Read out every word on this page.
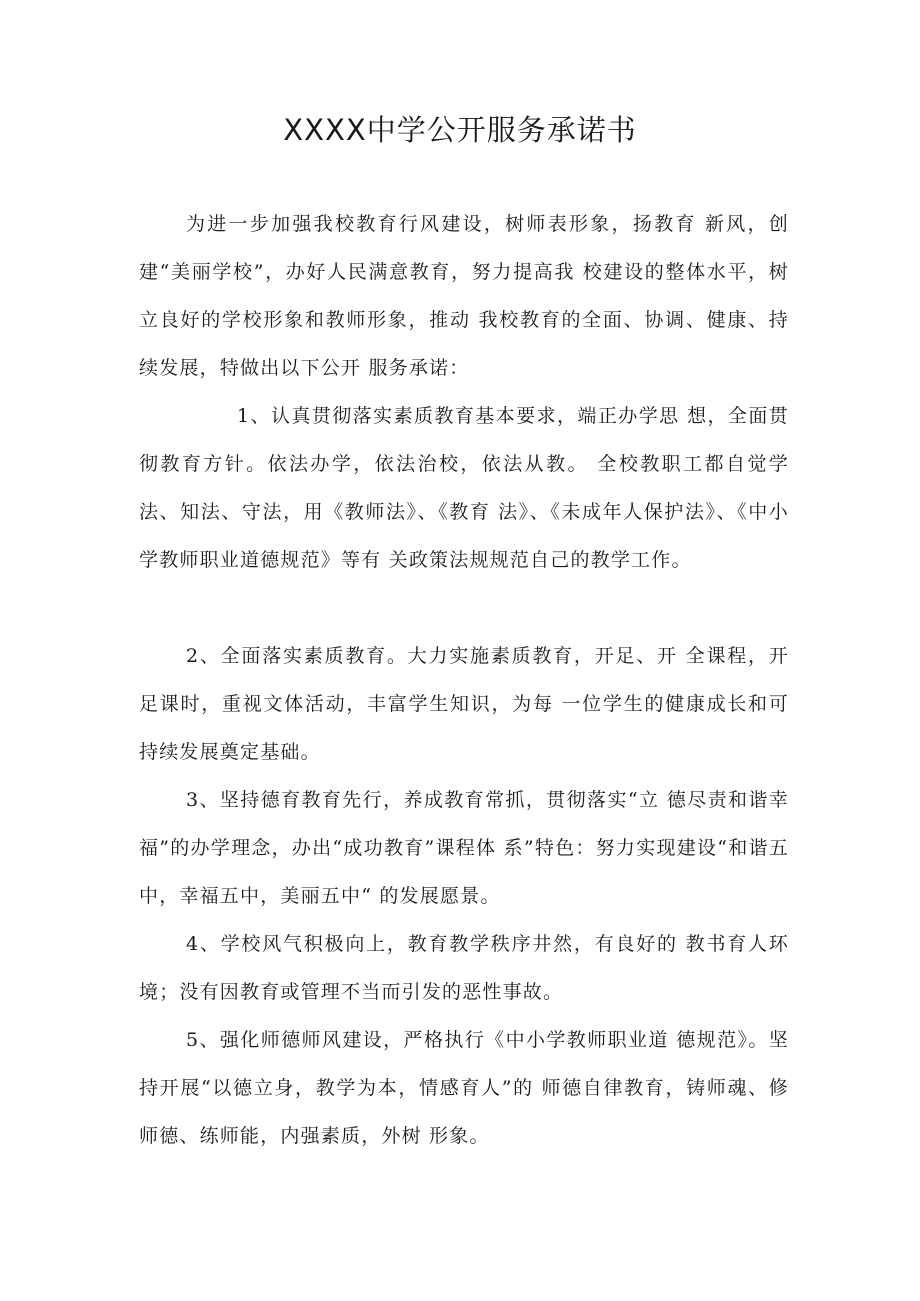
XXXX中学公开服务承诺书

为进一步加强我校教育行风建设，树师表形象，扬教育 新风，创建“美丽学校”，办好人民满意教育，努力提高我 校建设的整体水平，树立良好的学校形象和教师形象，推动 我校教育的全面、协调、健康、持续发展，特做出以下公开 服务承诺：

1、认真贯彻落实素质教育基本要求，端正办学思 想，全面贯彻教育方针。依法办学，依法治校，依法从教。 全校教职工都自觉学法、知法、守法，用《教师法》、《教育 法》、《未成年人保护法》、《中小学教师职业道德规范》等有 关政策法规规范自己的教学工作。

2、全面落实素质教育。大力实施素质教育，开足、开 全课程，开足课时，重视文体活动，丰富学生知识，为每 一位学生的健康成长和可持续发展奠定基础。

3、坚持德育教育先行，养成教育常抓，贯彻落实“立 德尽责和谐幸福”的办学理念，办出“成功教育”课程体 系”特色：努力实现建设“和谐五中，幸福五中，美丽五中“ 的发展愿景。

4、学校风气积极向上，教育教学秩序井然，有良好的 教书育人环境；没有因教育或管理不当而引发的恶性事故。

5、强化师德师风建设，严格执行《中小学教师职业道 德规范》。坚持开展“以德立身，教学为本，情感育人”的 师德自律教育，铸师魂、修师德、练师能，内强素质，外树 形象。
